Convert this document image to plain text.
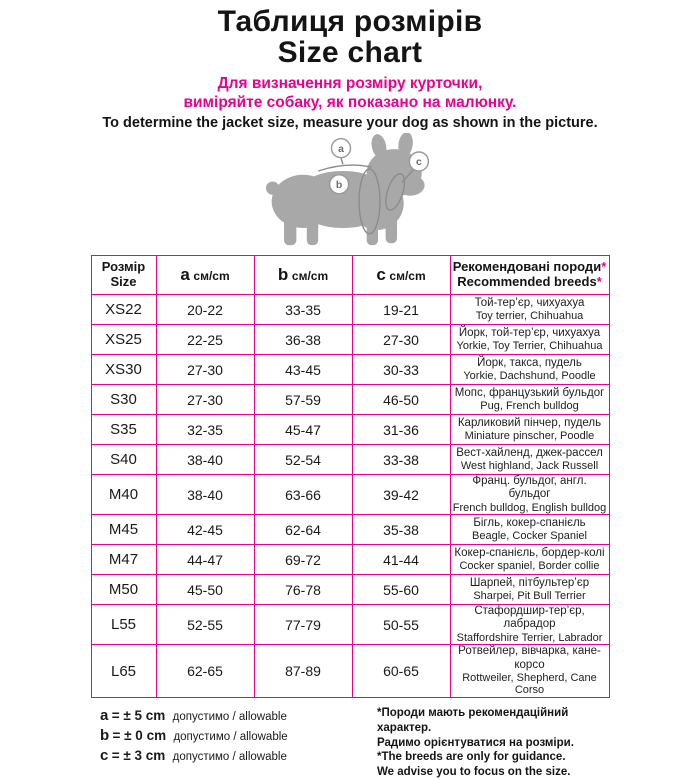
Таблиця розмірів
Size chart

Для визначення розміру курточки,
виміряйте собаку, як показано на малюнку.

To determine the jacket size, measure your dog as shown in the picture.

a
b
c
Розмір
Size	a см/cm	b см/cm	c см/cm	
Рекомендовані породи*
Recommended breeds*

XS22	20-22	33-35	19-21	Той-тер’єр, чихуахуа
Toy terrier, Chihuahua

XS25	22-25	36-38	27-30	Йорк, той-тер’єр, чихуахуа
Yorkie, Toy Terrier, Chihuahua

XS30	27-30	43-45	30-33	Йорк, такса, пудель
Yorkie, Dachshund, Poodle

S30	27-30	57-59	46-50	Мопс, французький бульдог
Pug, French bulldog

S35	32-35	45-47	31-36	Карликовий пінчер, пудель
Miniature pinscher, Poodle

S40	38-40	52-54	33-38	Вест-хайленд, джек-рассел
West highland, Jack Russell

M40	38-40	63-66	39-42	Франц. бульдог, англ. бульдог
French bulldog, English bulldog

M45	42-45	62-64	35-38	Бігль, кокер-спанієль
Beagle, Cocker Spaniel

M47	44-47	69-72	41-44	Кокер-спанієль, бордер-колі
Cocker spaniel, Border collie

M50	45-50	76-78	55-60	Шарпей, пітбультер’єр
Sharpei, Pit Bull Terrier

L55	52-55	77-79	50-55	Стафордшир-тер’єр, лабрадор
Staffordshire Terrier, Labrador

L65	62-65	87-89	60-65	Ротвейлер, вівчарка, кане-корсо
Rottweiler, Shepherd, Cane Corso
a = ± 5 cm допустимо / allowable
b = ± 0 cm допустимо / allowable
c = ± 3 cm допустимо / allowable
*Породи мають рекомендаційний характер.
Радимо орієнтуватися на розміри.
*The breeds are only for guidance.
We advise you to focus on the size.
